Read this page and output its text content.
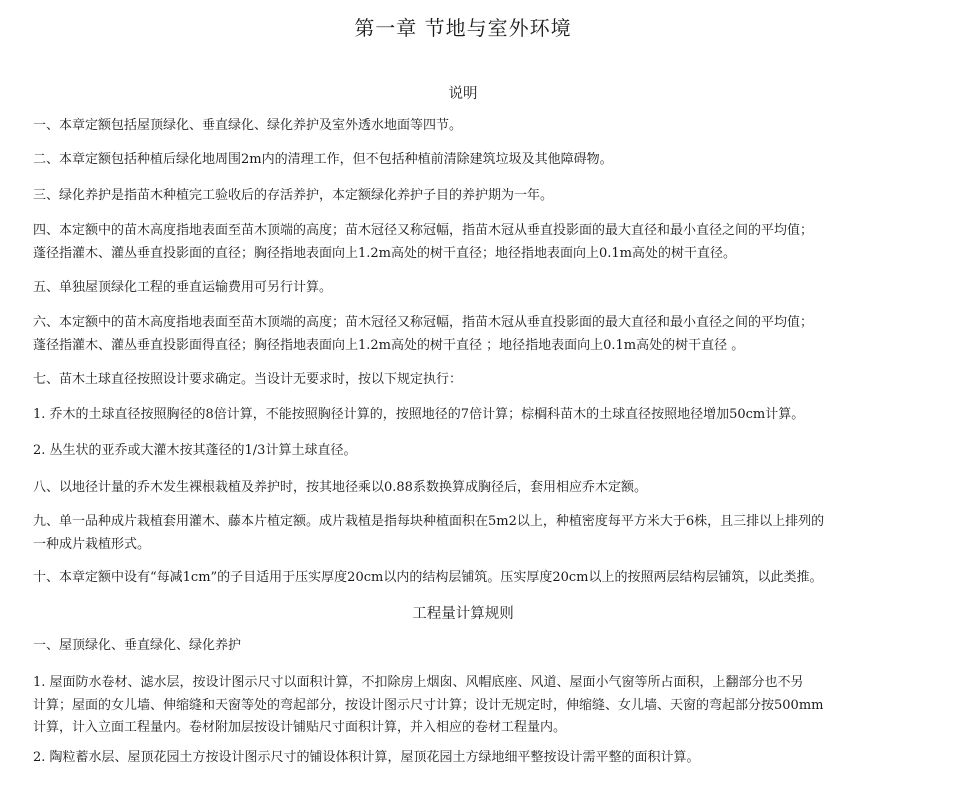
第一章 节地与室外环境
说明
一、本章定额包括屋顶绿化、垂直绿化、绿化养护及室外透水地面等四节。
二、本章定额包括种植后绿化地周围2m内的清理工作，但不包括种植前清除建筑垃圾及其他障碍物。
三、绿化养护是指苗木种植完工验收后的存活养护，本定额绿化养护子目的养护期为一年。
四、本定额中的苗木高度指地表面至苗木顶端的高度；苗木冠径又称冠幅，指苗木冠从垂直投影面的最大直径和最小直径之间的平均值；
蓬径指灌木、灌丛垂直投影面的直径；胸径指地表面向上1.2m高处的树干直径；地径指地表面向上0.1m高处的树干直径。
五、单独屋顶绿化工程的垂直运输费用可另行计算。
六、本定额中的苗木高度指地表面至苗木顶端的高度；苗木冠径又称冠幅，指苗木冠从垂直投影面的最大直径和最小直径之间的平均值；
蓬径指灌木、灌丛垂直投影面得直径；胸径指地表面向上1.2m高处的树干直径 ；地径指地表面向上0.1m高处的树干直径 。
七、苗木土球直径按照设计要求确定。当设计无要求时，按以下规定执行：
1. 乔木的土球直径按照胸径的8倍计算，不能按照胸径计算的，按照地径的7倍计算；棕榈科苗木的土球直径按照地径增加50cm计算。
2. 丛生状的亚乔或大灌木按其蓬径的1/3计算土球直径。
八、以地径计量的乔木发生裸根栽植及养护时，按其地径乘以0.88系数换算成胸径后，套用相应乔木定额。
九、单一品种成片栽植套用灌木、藤本片植定额。成片栽植是指每块种植面积在5m2以上，种植密度每平方米大于6株，且三排以上排列的
一种成片栽植形式。
十、本章定额中设有“每减1cm”的子目适用于压实厚度20cm以内的结构层铺筑。压实厚度20cm以上的按照两层结构层铺筑，以此类推。
工程量计算规则
一、屋顶绿化、垂直绿化、绿化养护
1. 屋面防水卷材、滤水层，按设计图示尺寸以面积计算，不扣除房上烟囱、风帽底座、风道、屋面小气窗等所占面积，上翻部分也不另
计算；屋面的女儿墙、伸缩缝和天窗等处的弯起部分，按设计图示尺寸计算；设计无规定时，伸缩缝、女儿墙、天窗的弯起部分按500mm
计算，计入立面工程量内。卷材附加层按设计铺贴尺寸面积计算，并入相应的卷材工程量内。
2. 陶粒蓄水层、屋顶花园土方按设计图示尺寸的铺设体积计算，屋顶花园土方绿地细平整按设计需平整的面积计算。
